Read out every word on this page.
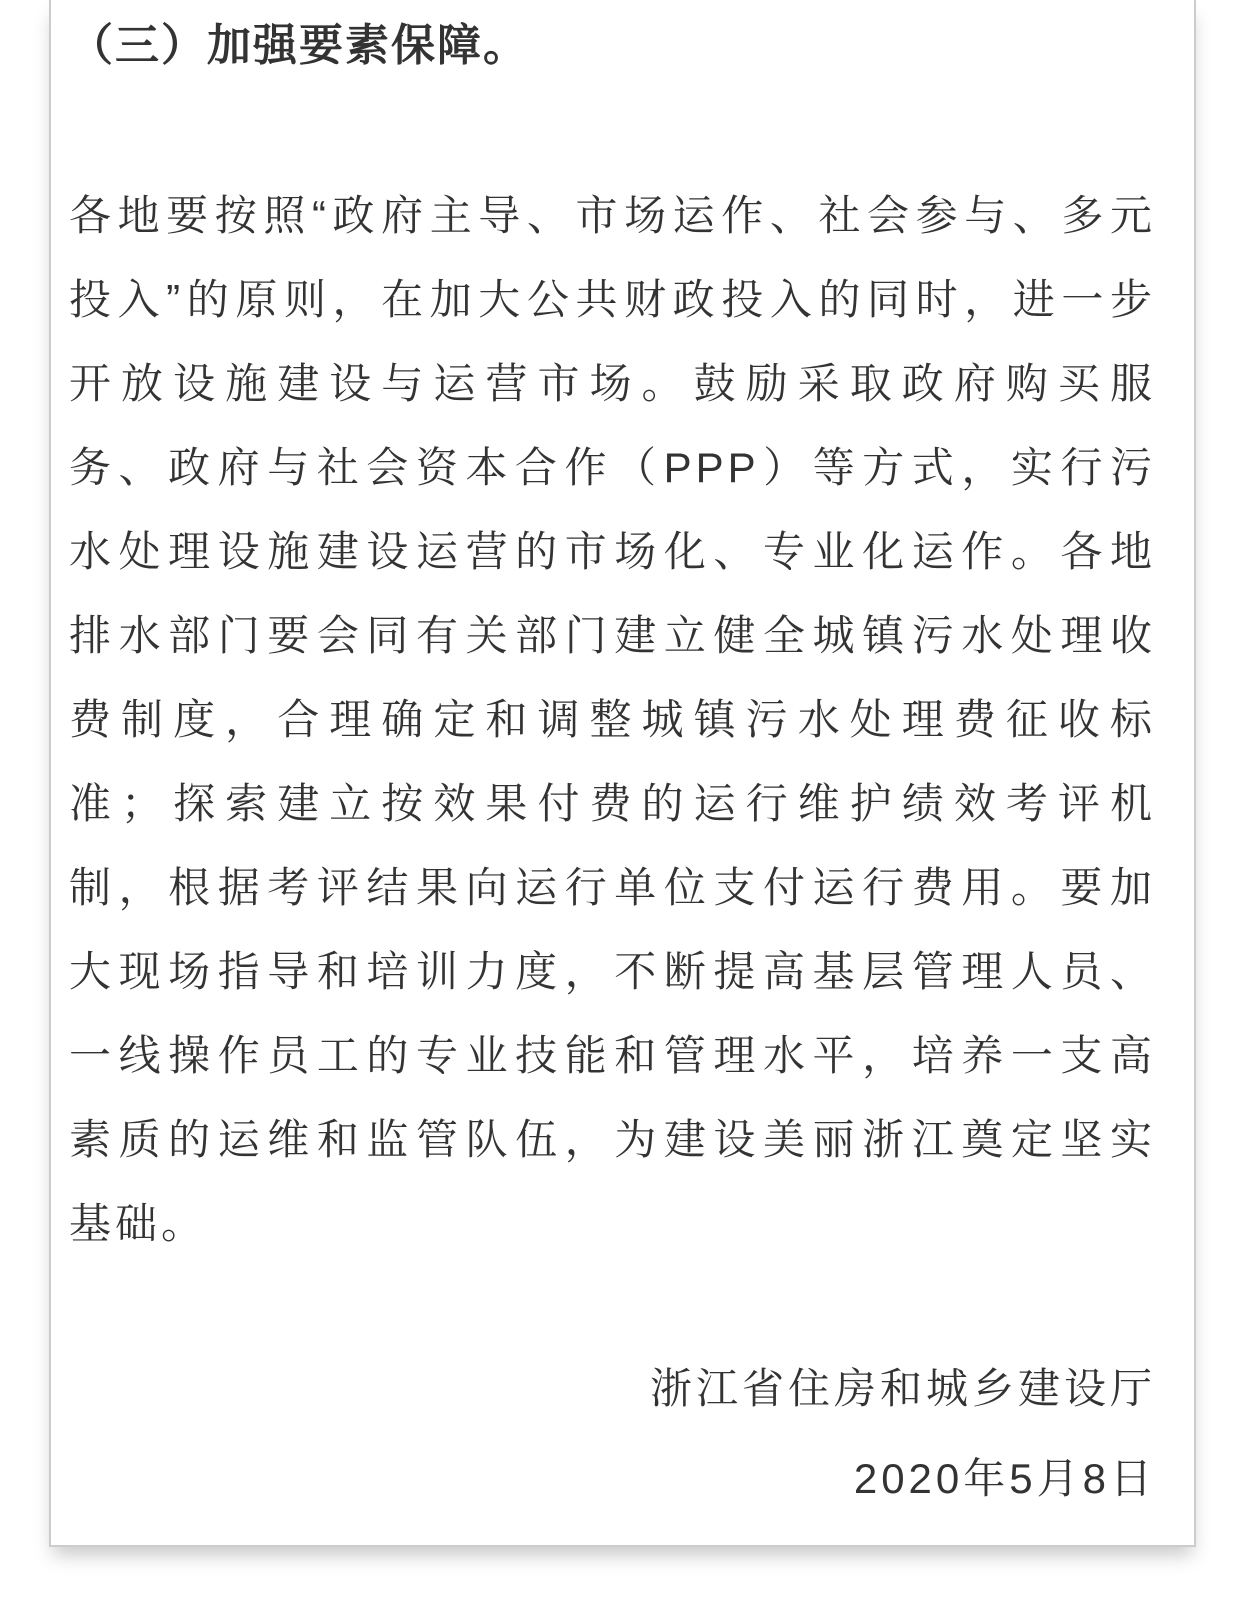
（三）加强要素保障。
各地要按照“政府主导、市场运作、社会参与、多元
投入”的原则，在加大公共财政投入的同时，进一步
开放设施建设与运营市场。鼓励采取政府购买服
务、政府与社会资本合作（PPP）等方式，实行污
水处理设施建设运营的市场化、专业化运作。各地
排水部门要会同有关部门建立健全城镇污水处理收
费制度，合理确定和调整城镇污水处理费征收标
准；探索建立按效果付费的运行维护绩效考评机
制，根据考评结果向运行单位支付运行费用。要加
大现场指导和培训力度，不断提高基层管理人员、
一线操作员工的专业技能和管理水平，培养一支高
素质的运维和监管队伍，为建设美丽浙江奠定坚实
基础。
浙江省住房和城乡建设厅
2020年5月8日
